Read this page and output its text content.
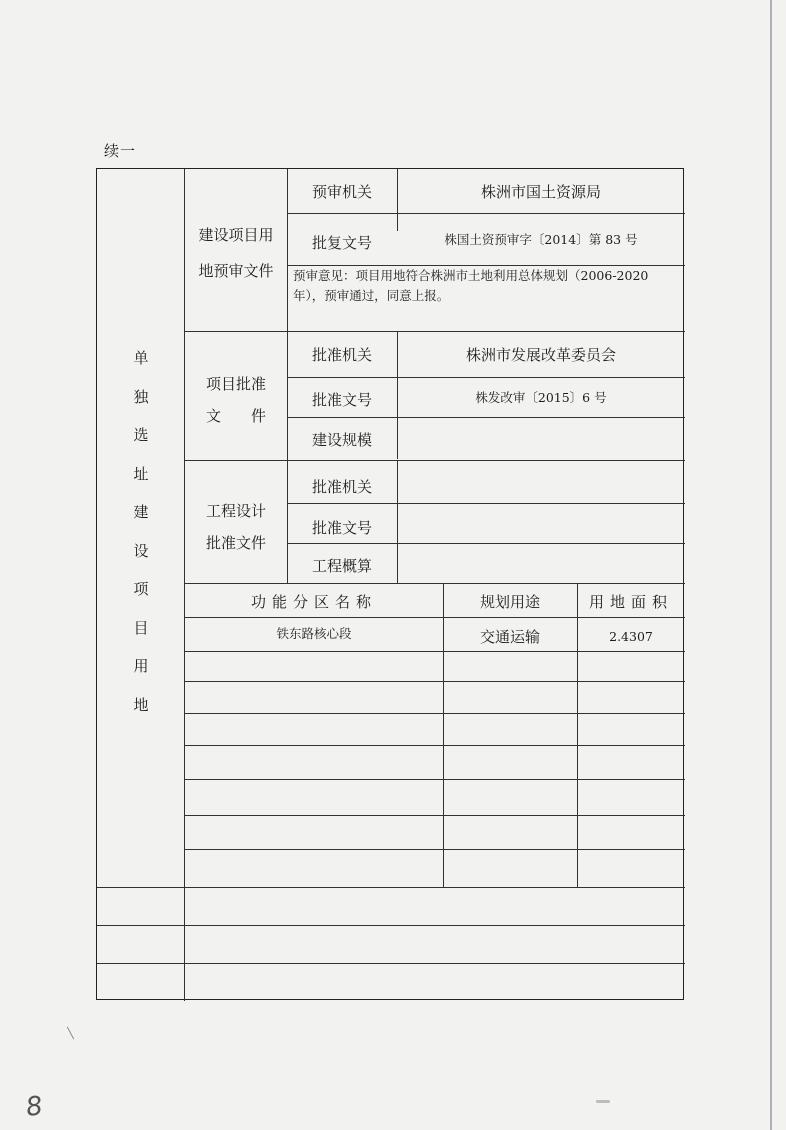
续一
单
独
选
址
建
设
项
目
用
地
建设项目用
地预审文件
预审机关	株洲市国土资源局
批复文号	株国土资预审字〔2014〕第 83 号
预审意见：项目用地符合株洲市土地利用总体规划（2006-2020年），预审通过，同意上报。
项目批准
文　　件
批准机关	株洲市发展改革委员会
批准文号	株发改审〔2015〕6 号
建设规模
工程设计
批准文件
批准机关
批准文号
工程概算
功能分区名称	规划用途	用地面积
铁东路核心段	交通运输	2.4307
8
